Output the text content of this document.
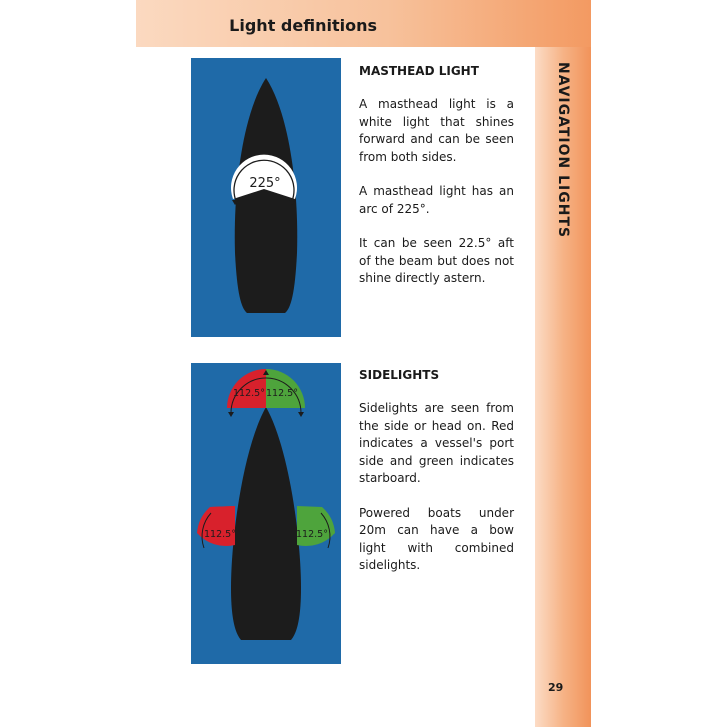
Light definitions
NAVIGATION LIGHTS
29
225°
MASTHEAD LIGHT

A masthead light is a white light that shines forward and can be seen from both sides.

A masthead light has an arc of 225°.

It can be seen 22.5° aft of the beam but does not shine directly astern.

112.5° 112.5°
112.5°	112.5°
SIDELIGHTS

Sidelights are seen from the side or head on. Red indicates a vessel's port side and green indicates starboard.

Powered boats under 20m can have a bow light with combined sidelights.
